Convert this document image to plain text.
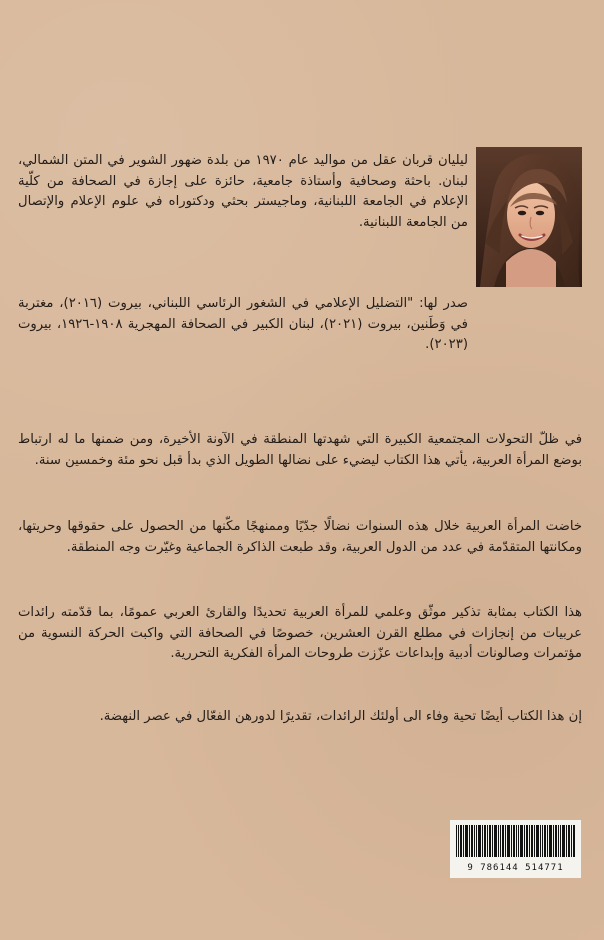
ليليان قربان عقل من مواليد عام ١٩٧٠ من بلدة ضهور الشوير في المتن الشمالي، لبنان. باحثة وصحافية وأستاذة جامعية، حائزة على إجازة في الصحافة من كلّية الإعلام في الجامعة اللبنانية، وماجيستر بحثي ودكتوراه في علوم الإعلام والإتصال من الجامعة اللبنانية.

صدر لها: "التضليل الإعلامي في الشغور الرئاسي اللبناني، بيروت (٢٠١٦)، مغتربة في وَطَنين، بيروت (٢٠٢١)، لبنان الكبير في الصحافة المهجرية ١٩٠٨-١٩٢٦، بيروت (٢٠٢٣).

في ظلّ التحولات المجتمعية الكبيرة التي شهدتها المنطقة في الآونة الأخيرة، ومن ضمنها ما له ارتباط بوضع المرأة العربية، يأتي هذا الكتاب ليضيء على نضالها الطويل الذي بدأ قبل نحو مئة وخمسين سنة.

خاضت المرأة العربية خلال هذه السنوات نضالًا جدّيًا وممنهجًا مكّنها من الحصول على حقوقها وحريتها، ومكانتها المتقدّمة في عدد من الدول العربية، وقد طبعت الذاكرة الجماعية وغيّرت وجه المنطقة.

هذا الكتاب بمثابة تذكير موثّق وعلمي للمرأة العربية تحديدًا والقارئ العربي عمومًا، بما قدّمته رائدات عربيات من إنجازات في مطلع القرن العشرين، خصوصًا في الصحافة التي واكبت الحركة النسوية من مؤتمرات وصالونات أدبية وإبداعات عزّزت طروحات المرأة الفكرية التحررية.

إن هذا الكتاب أيضًا تحية وفاء الى أولئك الرائدات، تقديرًا لدورهن الفعّال في عصر النهضة.

9 786144 514771
